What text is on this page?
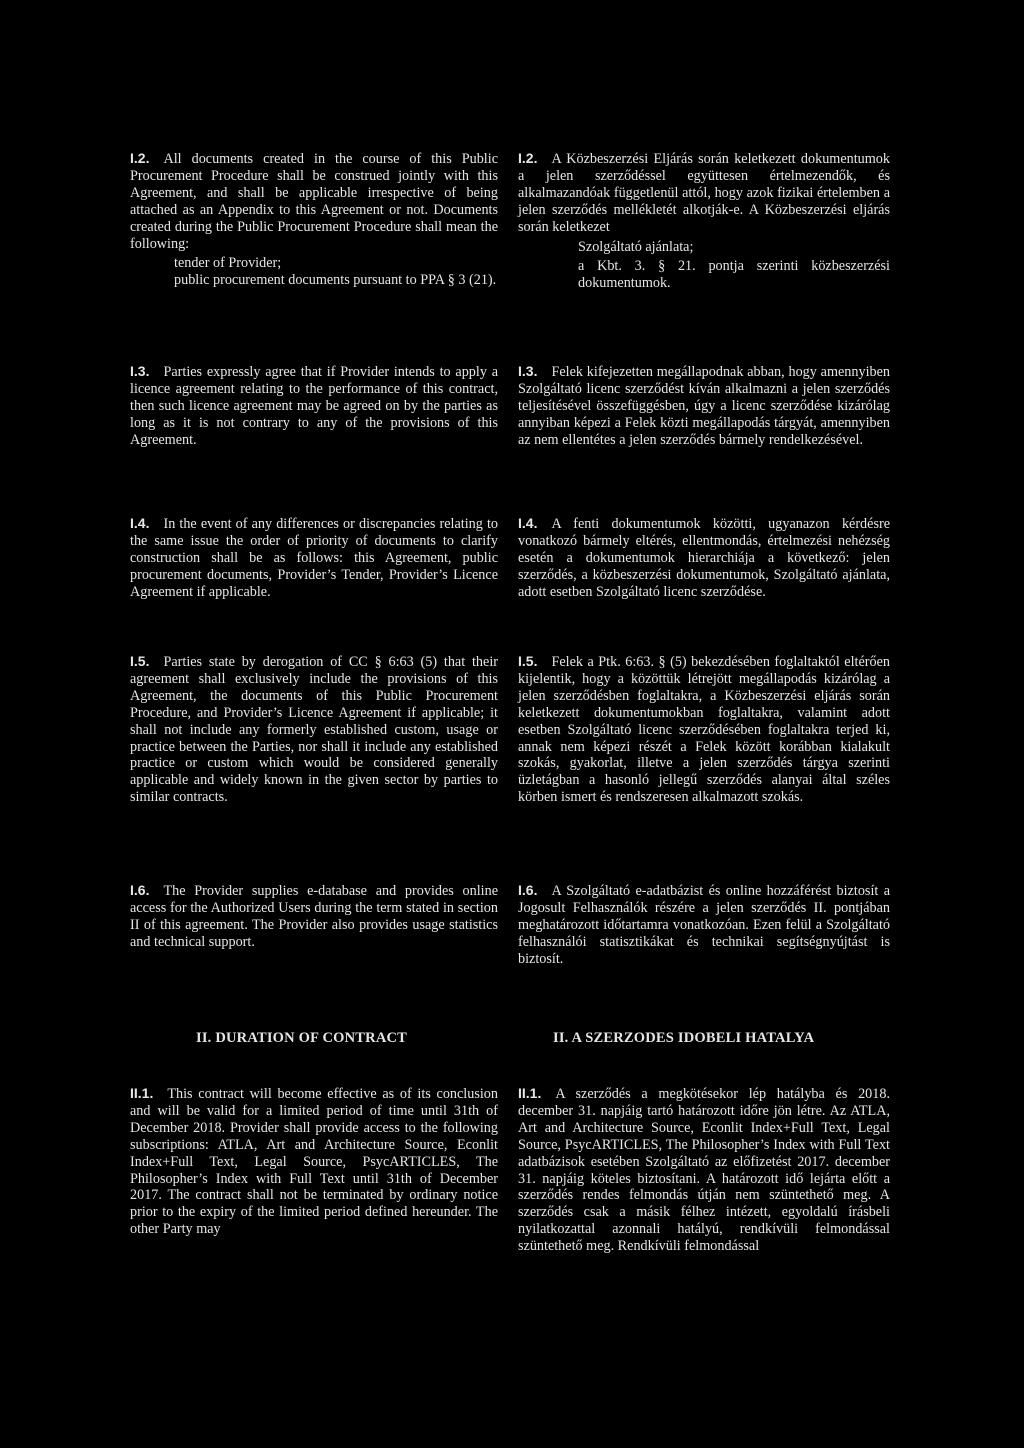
I.2. All documents created in the course of this Public Procurement Procedure shall be construed jointly with this Agreement, and shall be applicable irrespective of being attached as an Appendix to this Agreement or not. Documents created during the Public Procurement Procedure shall mean the following:

tender of Provider;
public procurement documents pursuant to PPA § 3 (21).

I.3. Parties expressly agree that if Provider intends to apply a licence agreement relating to the performance of this contract, then such licence agreement may be agreed on by the parties as long as it is not contrary to any of the provisions of this Agreement.

I.4. In the event of any differences or discrepancies relating to the same issue the order of priority of documents to clarify construction shall be as follows: this Agreement, public procurement documents, Provider’s Tender, Provider’s Licence Agreement if applicable.

I.5. Parties state by derogation of CC § 6:63 (5) that their agreement shall exclusively include the provisions of this Agreement, the documents of this Public Procurement Procedure, and Provider’s Licence Agreement if applicable; it shall not include any formerly established custom, usage or practice between the Parties, nor shall it include any established practice or custom which would be considered generally applicable and widely known in the given sector by parties to similar contracts.

I.6. The Provider supplies e-database and provides online access for the Authorized Users during the term stated in section II of this agreement. The Provider also provides usage statistics and technical support.

II.1. This contract will become effective as of its conclusion and will be valid for a limited period of time until 31th of December 2018. Provider shall provide access to the following subscriptions: ATLA, Art and Architecture Source, Econlit Index+Full Text, Legal Source, PsycARTICLES, The Philosopher’s Index with Full Text until 31th of December 2017. The contract shall not be terminated by ordinary notice prior to the expiry of the limited period defined hereunder. The other Party may

II. DURATION OF CONTRACT

I.2. A Közbeszerzési Eljárás során keletkezett dokumentumok a jelen szerződéssel együttesen értelmezendők, és alkalmazandóak függetlenül attól, hogy azok fizikai értelemben a jelen szerződés mellékletét alkotják-e. A Közbeszerzési eljárás során keletkezet

Szolgáltató ajánlata;
a Kbt. 3. § 21. pontja szerinti közbeszerzési dokumentumok.

I.3. Felek kifejezetten megállapodnak abban, hogy amennyiben Szolgáltató licenc szerződést kíván alkalmazni a jelen szerződés teljesítésével összefüggésben, úgy a licenc szerződése kizárólag annyiban képezi a Felek közti megállapodás tárgyát, amennyiben az nem ellentétes a jelen szerződés bármely rendelkezésével.

I.4. A fenti dokumentumok közötti, ugyanazon kérdésre vonatkozó bármely eltérés, ellentmondás, értelmezési nehézség esetén a dokumentumok hierarchiája a következő: jelen szerződés, a közbeszerzési dokumentumok, Szolgáltató ajánlata, adott esetben Szolgáltató licenc szerződése.

I.5. Felek a Ptk. 6:63. § (5) bekezdésében foglaltaktól eltérően kijelentik, hogy a közöttük létrejött megállapodás kizárólag a jelen szerződésben foglaltakra, a Közbeszerzési eljárás során keletkezett dokumentumokban foglaltakra, valamint adott esetben Szolgáltató licenc szerződésében foglaltakra terjed ki, annak nem képezi részét a Felek között korábban kialakult szokás, gyakorlat, illetve a jelen szerződés tárgya szerinti üzletágban a hasonló jellegű szerződés alanyai által széles körben ismert és rendszeresen alkalmazott szokás.

I.6. A Szolgáltató e-adatbázist és online hozzáférést biztosít a Jogosult Felhasználók részére a jelen szerződés II. pontjában meghatározott időtartamra vonatkozóan. Ezen felül a Szolgáltató felhasználói statisztikákat és technikai segítségnyújtást is biztosít.

II.1. A szerződés a megkötésekor lép hatályba és 2018. december 31. napjáig tartó határozott időre jön létre. Az ATLA, Art and Architecture Source, Econlit Index+Full Text, Legal Source, PsycARTICLES, The Philosopher’s Index with Full Text adatbázisok esetében Szolgáltató az előfizetést 2017. december 31. napjáig köteles biztosítani. A határozott idő lejárta előtt a szerződés rendes felmondás útján nem szüntethető meg. A szerződés csak a másik félhez intézett, egyoldalú írásbeli nyilatkozattal azonnali hatályú, rendkívüli felmondással szüntethető meg. Rendkívüli felmondással

II. A SZERZODES IDOBELI HATALYA
